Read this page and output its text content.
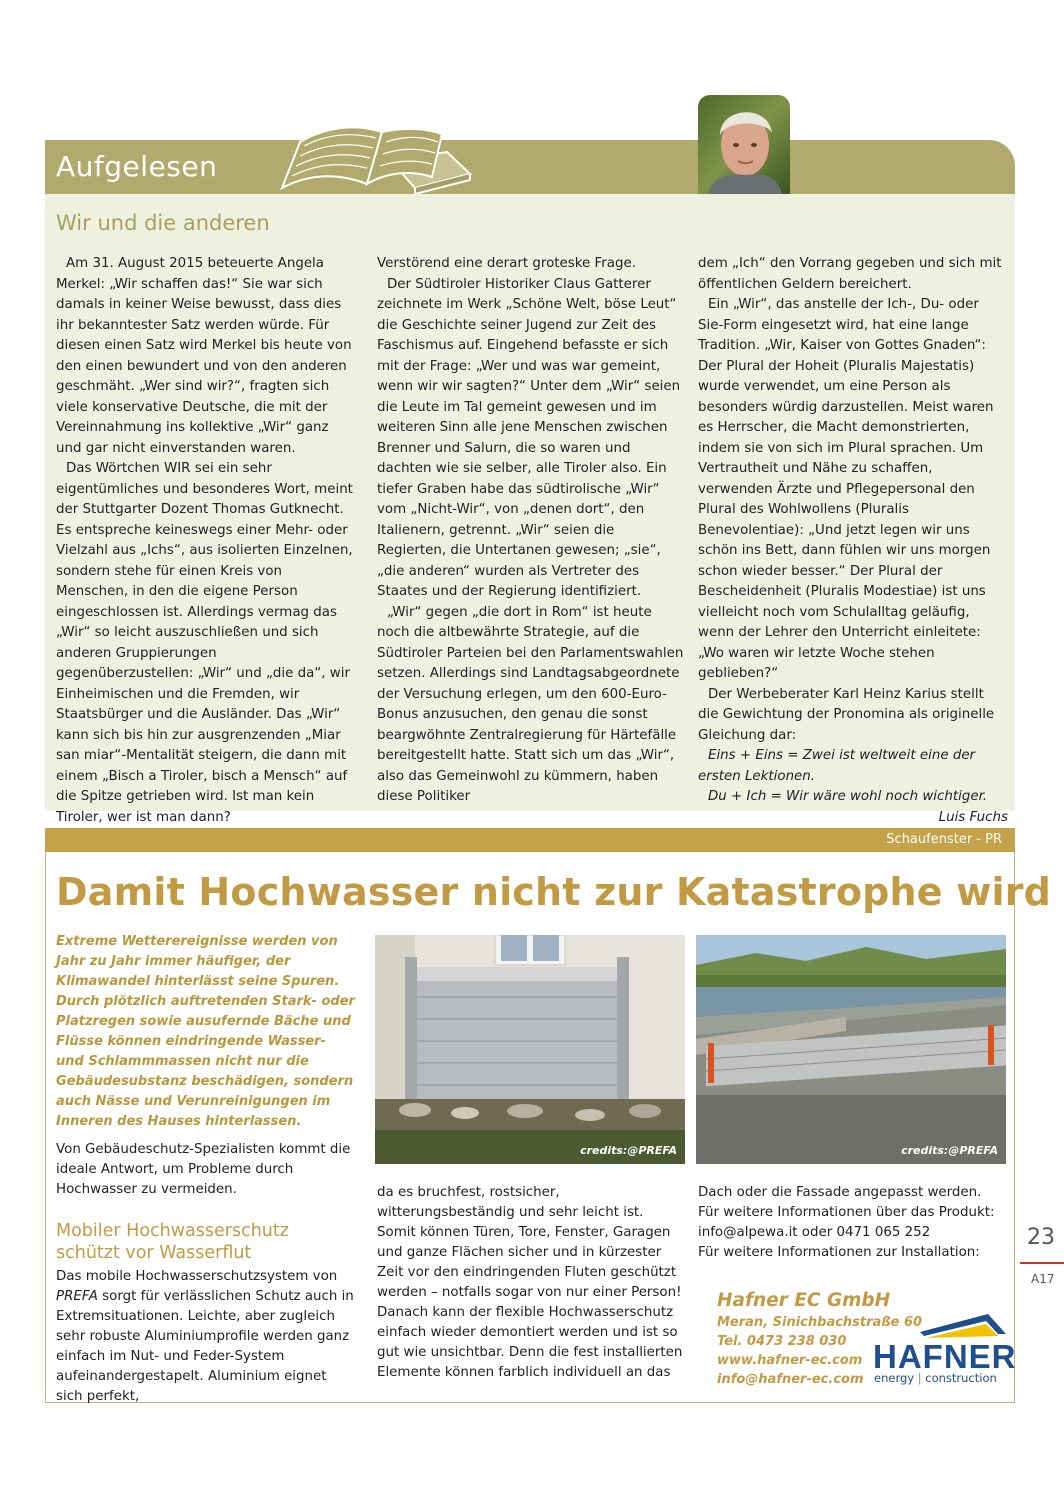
Aufgelesen
Wir und die anderen

Am 31. August 2015 beteuerte Angela Merkel: „Wir schaffen das!“ Sie war sich damals in keiner Weise bewusst, dass dies ihr bekanntester Satz werden würde. Für diesen einen Satz wird Merkel bis heute von den einen bewundert und von den anderen geschmäht. „Wer sind wir?“, fragten sich viele konservative Deutsche, die mit der Vereinnahmung ins kollektive „Wir“ ganz und gar nicht einverstanden waren.

Das Wörtchen WIR sei ein sehr eigentümliches und besonderes Wort, meint der Stuttgarter Dozent Thomas Gutknecht. Es entspreche keineswegs einer Mehr- oder Vielzahl aus „Ichs“, aus isolierten Einzelnen, sondern stehe für einen Kreis von Menschen, in den die eigene Person eingeschlossen ist. Allerdings vermag das „Wir“ so leicht auszuschließen und sich anderen Gruppierungen gegenüberzustellen: „Wir“ und „die da“, wir Einheimischen und die Fremden, wir Staatsbürger und die Ausländer. Das „Wir“ kann sich bis hin zur ausgrenzenden „Miar san miar“-Mentalität steigern, die dann mit einem „Bisch a Tiroler, bisch a Mensch“ auf die Spitze getrieben wird. Ist man kein Tiroler, wer ist man dann?

Verstörend eine derart groteske Frage.

Der Südtiroler Historiker Claus Gatterer zeichnete im Werk „Schöne Welt, böse Leut“ die Geschichte seiner Jugend zur Zeit des Faschismus auf. Eingehend befasste er sich mit der Frage: „Wer und was war gemeint, wenn wir wir sagten?“ Unter dem „Wir“ seien die Leute im Tal gemeint gewesen und im weiteren Sinn alle jene Menschen zwischen Brenner und Salurn, die so waren und dachten wie sie selber, alle Tiroler also. Ein tiefer Graben habe das südtirolische „Wir“ vom „Nicht-Wir“, von „denen dort“, den Italienern, getrennt. „Wir“ seien die Regierten, die Untertanen gewesen; „sie“, „die anderen“ wurden als Vertreter des Staates und der Regierung identifiziert.

„Wir“ gegen „die dort in Rom“ ist heute noch die altbewährte Strategie, auf die Südtiroler Parteien bei den Parlamentswahlen setzen. Allerdings sind Landtagsabgeordnete der Versuchung erlegen, um den 600-Euro-Bonus anzusuchen, den genau die sonst beargwöhnte Zentralregierung für Härtefälle bereitgestellt hatte. Statt sich um das „Wir“, also das Gemeinwohl zu kümmern, haben diese Politiker

dem „Ich“ den Vorrang gegeben und sich mit öffentlichen Geldern bereichert.

Ein „Wir“, das anstelle der Ich-, Du- oder Sie-Form eingesetzt wird, hat eine lange Tradition. „Wir, Kaiser von Gottes Gnaden“: Der Plural der Hoheit (Pluralis Majestatis) wurde verwendet, um eine Person als besonders würdig darzustellen. Meist waren es Herrscher, die Macht demonstrierten, indem sie von sich im Plural sprachen. Um Vertrautheit und Nähe zu schaffen, verwenden Ärzte und Pflegepersonal den Plural des Wohlwollens (Pluralis Benevolentiae): „Und jetzt legen wir uns schön ins Bett, dann fühlen wir uns morgen schon wieder besser.“ Der Plural der Bescheidenheit (Pluralis Modestiae) ist uns vielleicht noch vom Schulalltag geläufig, wenn der Lehrer den Unterricht einleitete: „Wo waren wir letzte Woche stehen geblieben?“

Der Werbeberater Karl Heinz Karius stellt die Gewichtung der Pronomina als originelle Gleichung dar:

Eins + Eins = Zwei ist weltweit eine der ersten Lektionen.

Du + Ich = Wir wäre wohl noch wichtiger.

Luis Fuchs

Schaufenster - PR
Damit Hochwasser nicht zur Katastrophe wird
Extreme Wetterereignisse werden von Jahr zu Jahr immer häufiger, der Klimawandel hinterlässt seine Spuren. Durch plötzlich auftretenden Stark- oder Platzregen sowie ausufernde Bäche und Flüsse können eindringende Wasser- und Schlammmassen nicht nur die Gebäudesubstanz beschädigen, sondern auch Nässe und Verunreinigungen im Inneren des Hauses hinterlassen.

Von Gebäudeschutz-Spezialisten kommt die ideale Antwort, um Probleme durch Hochwasser zu vermeiden.

Mobiler Hochwasserschutz schützt vor Wasserflut

Das mobile Hochwasserschutzsystem von PREFA sorgt für verlässlichen Schutz auch in Extremsituationen. Leichte, aber zugleich sehr robuste Aluminiumprofile werden ganz einfach im Nut- und Feder-System aufeinandergestapelt. Aluminium eignet sich perfekt,

da es bruchfest, rostsicher, witterungsbeständig und sehr leicht ist. Somit können Türen, Tore, Fenster, Garagen und ganze Flächen sicher und in kürzester Zeit vor den eindringenden Fluten geschützt werden – notfalls sogar von nur einer Person!

Danach kann der flexible Hochwasserschutz einfach wieder demontiert werden und ist so gut wie unsichtbar. Denn die fest installierten Elemente können farblich individuell an das

Dach oder die Fassade angepasst werden.

Für weitere Informationen über das Produkt:

info@alpewa.it oder 0471 065 252

Für weitere Informationen zur Installation:

credits:@PREFA	credits:@PREFA
Hafner EC GmbH
Meran, Sinichbachstraße 60
Tel. 0473 238 030
www.hafner-ec.com
info@hafner-ec.com
HAFNER
energy | construction
23
A17
